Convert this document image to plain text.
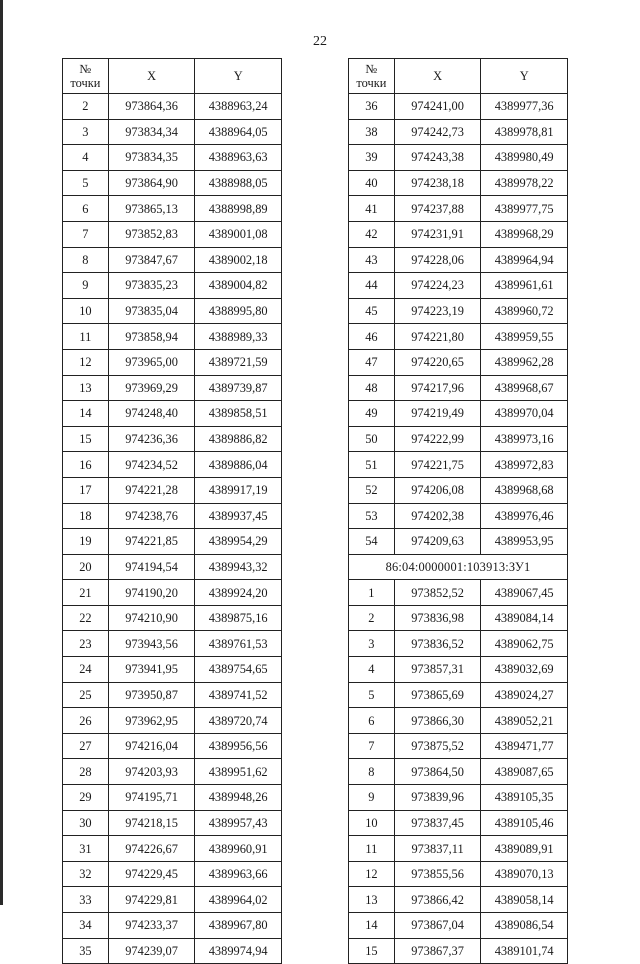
22
№ точки	X	Y
2	973864,36	4388963,24
3	973834,34	4388964,05
4	973834,35	4388963,63
5	973864,90	4388988,05
6	973865,13	4388998,89
7	973852,83	4389001,08
8	973847,67	4389002,18
9	973835,23	4389004,82
10	973835,04	4388995,80
11	973858,94	4388989,33
12	973965,00	4389721,59
13	973969,29	4389739,87
14	974248,40	4389858,51
15	974236,36	4389886,82
16	974234,52	4389886,04
17	974221,28	4389917,19
18	974238,76	4389937,45
19	974221,85	4389954,29
20	974194,54	4389943,32
21	974190,20	4389924,20
22	974210,90	4389875,16
23	973943,56	4389761,53
24	973941,95	4389754,65
25	973950,87	4389741,52
26	973962,95	4389720,74
27	974216,04	4389956,56
28	974203,93	4389951,62
29	974195,71	4389948,26
30	974218,15	4389957,43
31	974226,67	4389960,91
32	974229,45	4389963,66
33	974229,81	4389964,02
34	974233,37	4389967,80
35	974239,07	4389974,94
№ точки	X	Y
36	974241,00	4389977,36
38	974242,73	4389978,81
39	974243,38	4389980,49
40	974238,18	4389978,22
41	974237,88	4389977,75
42	974231,91	4389968,29
43	974228,06	4389964,94
44	974224,23	4389961,61
45	974223,19	4389960,72
46	974221,80	4389959,55
47	974220,65	4389962,28
48	974217,96	4389968,67
49	974219,49	4389970,04
50	974222,99	4389973,16
51	974221,75	4389972,83
52	974206,08	4389968,68
53	974202,38	4389976,46
54	974209,63	4389953,95
86:04:0000001:103913:ЗУ1		
1	973852,52	4389067,45
2	973836,98	4389084,14
3	973836,52	4389062,75
4	973857,31	4389032,69
5	973865,69	4389024,27
6	973866,30	4389052,21
7	973875,52	4389471,77
8	973864,50	4389087,65
9	973839,96	4389105,35
10	973837,45	4389105,46
11	973837,11	4389089,91
12	973855,56	4389070,13
13	973866,42	4389058,14
14	973867,04	4389086,54
15	973867,37	4389101,74
